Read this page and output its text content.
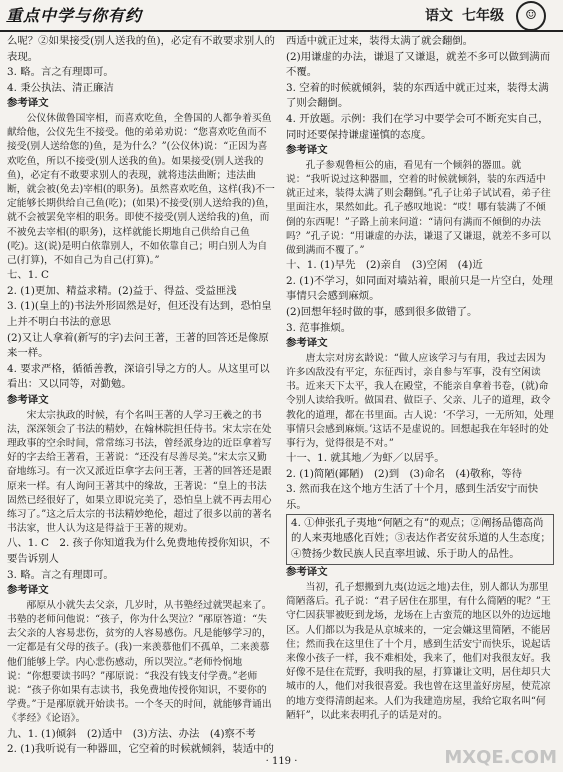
重点中学与你有约	语文 七年级	☺

么呢？②如果接受(别人送我的鱼)，必定有不敢要求别人的表现。

3. 略。言之有理即可。

4. 秉公执法、清正廉洁

参考译文

公仪休做鲁国宰相，而喜欢吃鱼，全鲁国的人都争着买鱼献给他，公仪先生不接受。他的弟弟劝说：“您喜欢吃鱼而不接受(别人送给您的)鱼，是为什么？”(公仪休)说：“正因为喜欢吃鱼，所以不接受(别人送我的鱼)。如果接受(别人送我的鱼)，必定有不敢要求别人的表现，就将违法曲断；违法曲断，就会被(免去)宰相(的职务)。虽然喜欢吃鱼，这样(我)不一定能够长期供给自己鱼(吃)；(如果)不接受(别人送给我的)鱼，就不会被罢免宰相的职务。即使不接受(别人送给我的)鱼，而不被免去宰相(的职务)，这样就能长期地自己供给自己鱼(吃)。这(说)是明白依靠别人，不如依靠自己；明白别人为自己(打算)，不如自己为自己(打算)。”

七、1. C

2. (1)更加、精益求精。(2)益于、得益、受益匪浅

3. (1)(皇上的)书法外形固然是好，但还没有达到，恐怕皇上并不明白书法的意思

(2)又让人拿着(新写的字)去问王著，王著的回答还是像原来一样。

4. 要求严格，循循善教，深谙引导之方的人。从这里可以看出：又以同等，对勤勉。

参考译文

宋太宗执政的时候，有个名叫王著的人学习王羲之的书法，深深领会了书法的精妙，在翰林院担任侍书。宋太宗在处理政事的空余时间，常常练习书法，曾经派身边的近臣拿着写好的字去给王著看，王著说：“还没有尽善尽美。”宋太宗又勤奋地练习。有一次又派近臣拿字去问王著，王著的回答还是跟原来一样。有人询问王著其中的缘故，王著说：“皇上的书法固然已经很好了，如果立即说完美了，恐怕皇上就不再去用心练习了。”这之后太宗的书法精妙绝伦，超过了很多以前的著名书法家，世人认为这是得益于王著的规劝。

八、1. C　2. 孩子你知道我为什么免费地传授你知识，不要告诉别人

3. 略。言之有理即可。

参考译文

邴原从小就失去父亲，几岁时，从书塾经过就哭起来了。书塾的老师问他说：“孩子，你为什么哭泣？”邴原答道：“失去父亲的人容易悲伤，贫穷的人容易感伤。凡是能够学习的，一定都是有父母的孩子。(我)一来羡慕他们不孤单，二来羡慕他们能够上学。内心悲伤感动，所以哭泣。”老师怜悯地说：“你想要读书吗？”邴原说：“我没有钱支付学费。”老师说：“孩子你如果有志读书，我免费地传授你知识，不要你的学费。”于是邴原就开始读书。一个冬天的时间，就能够背诵出《孝经》《论语》。

九、1. (1)倾斜　(2)适中　(3)方法、办法　(4)察不考

2. (1)我听说有一种器皿，它空着的时候就倾斜，装适中的

西适中就正过来，装得太满了就会翻倒。

(2)用谦虚的办法，谦退了又谦退，就差不多可以做到满而不覆。

3. 空着的时候就倾斜，装的东西适中就正过来，装得太满了则会翻倒。

4. 开放题。示例：我们在学习中要学会可不断充实自己，同时还要保持谦虚谨慎的态度。

参考译文

孔子参观鲁桓公的庙，看见有一个倾斜的器皿。就说：“我听说过这种器皿，空着的时候就倾斜，装的东西适中就正过来，装得太满了则会翻倒。”孔子让弟子试试看，弟子往里面注水，果然如此。孔子感叹地说：“哎！哪有装满了不倾倒的东西呢！”子路上前来问道：“请问有满而不倾倒的办法吗？”孔子说：“用谦虚的办法，谦退了又谦退，就差不多可以做到满而不覆了。”

十、1. (1)早先　(2)亲自　(3)空闲　(4)近

2. (1)不学习，如同面对墙站着，眼前只是一片空白，处理事情只会感到麻烦。

(2)回想年轻时做的事，感到很多做错了。

3. 范事推烦。

参考译文

唐太宗对房玄龄说：“做人应该学习与有用，我过去因为许多凶敌没有平定，东征西讨，亲自参与军事，没有空闲读书。近来天下太平，我人在殿堂，不能亲自拿着书卷，(就)命令别人读给我听。做国君、做臣子、父亲、儿子的道理，政令教化的道理，都在书里面。古人说：‘不学习，一无所知，处理事情只会感到麻烦。’这话不是虚说的。回想起我在年轻时的处事行为，觉得很是不对。”

十一、1. 就其地／为虾／以居乎。

2. (1)简陋(鄙陋)　(2)到　(3)命名　(4)敬称，等待

3. 然而我在这个地方生活了十个月，感到生活安宁而快乐。

4. ①伸张孔子夷地“何陋之有”的观点；②阐扬品德高尚的人来夷地感化百姓；③表达作者安贫乐道的人生态度；④赞扬少数民族人民直率坦诚、乐于助人的品性。

参考译文

当初，孔子想搬到九夷(边远之地)去住，别人都认为那里简陋落后。孔子说：“君子居住在那里，有什么简陋的呢？”王守仁因获罪被贬到龙场，龙场在上古蛮荒的地区以外的边远地区。人们都以为我是从京城来的，一定会嫌这里简陋，不能居住；然而我在这里住了十个月，感到生活安宁而快乐，说起话来像小孩子一样，我不难相处，我来了，他们对我很友好。我好像不是住在荒野，我明我的屋，打算谦让文明，居住却只大城市的人，他们对我很喜爱。我也曾在这里盖好房屋，使荒凉的地方变得清朗起来。人们为我建造房屋，我给它取名叫“何陋轩”，以此来表明孔子的话是对的。

· 119 ·	MXQE.COM
